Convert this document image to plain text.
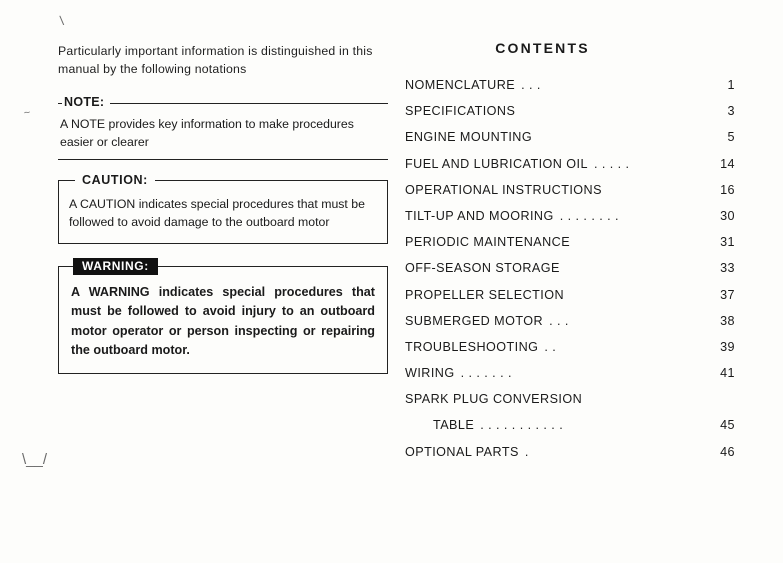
\
~
\__/

Particularly important information is distinguished in this manual by the following notations

NOTE:
A NOTE provides key information to make procedures easier or clearer
CAUTION:
A CAUTION indicates special procedures that must be followed to avoid damage to the outboard motor
WARNING:
A WARNING indicates special procedures that must be followed to avoid injury to an outboard motor operator or person inspecting or repairing the outboard motor.
CONTENTS
NOMENCLATURE . . .	1
SPECIFICATIONS	3
ENGINE MOUNTING	5
FUEL AND LUBRICATION OIL . . . . .	14
OPERATIONAL INSTRUCTIONS	16
TILT-UP AND MOORING . . . . . . . .	30
PERIODIC MAINTENANCE	31
OFF-SEASON STORAGE	33
PROPELLER SELECTION	37
SUBMERGED MOTOR . . .	38
TROUBLESHOOTING . .	39
WIRING . . . . . . .	41
SPARK PLUG CONVERSION
TABLE . . . . . . . . . . .	45
OPTIONAL PARTS .	46
